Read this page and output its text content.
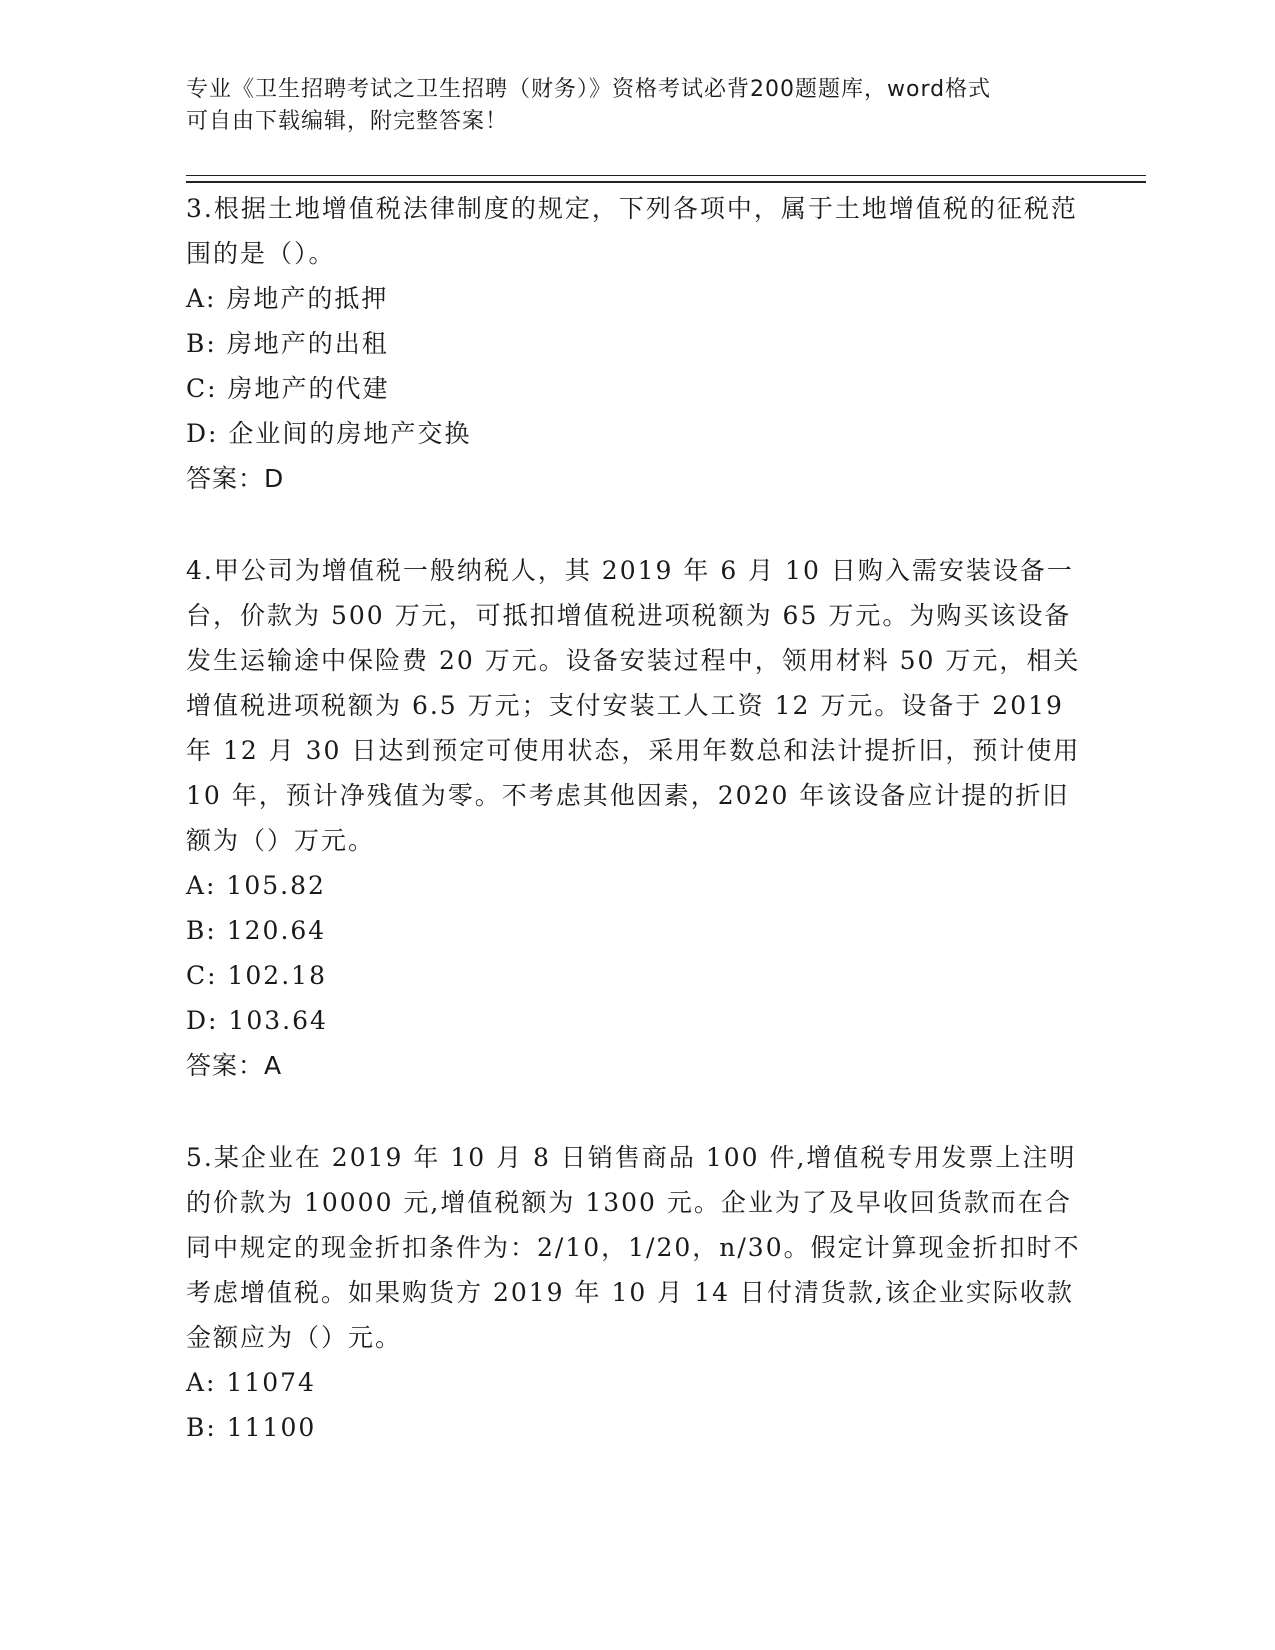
专业《卫生招聘考试之卫生招聘（财务）》资格考试必背200题题库，word格式
可自由下载编辑，附完整答案！

3.根据土地增值税法律制度的规定，下列各项中，属于土地增值税的征税范围的是（）。

A: 房地产的抵押

B: 房地产的出租

C: 房地产的代建

D: 企业间的房地产交换

答案：D

4.甲公司为增值税一般纳税人，其 2019 年 6 月 10 日购入需安装设备一台，价款为 500 万元，可抵扣增值税进项税额为 65 万元。为购买该设备发生运输途中保险费 20 万元。设备安装过程中，领用材料 50 万元，相关增值税进项税额为 6.5 万元；支付安装工人工资 12 万元。设备于 2019 年 12 月 30 日达到预定可使用状态，采用年数总和法计提折旧，预计使用 10 年，预计净残值为零。不考虑其他因素，2020 年该设备应计提的折旧额为（）万元。

A: 105.82

B: 120.64

C: 102.18

D: 103.64

答案：A

5.某企业在 2019 年 10 月 8 日销售商品 100 件,增值税专用发票上注明的价款为 10000 元,增值税额为 1300 元。企业为了及早收回货款而在合同中规定的现金折扣条件为：2/10，1/20，n/30。假定计算现金折扣时不考虑增值税。如果购货方 2019 年 10 月 14 日付清货款,该企业实际收款金额应为（）元。

A: 11074

B: 11100
